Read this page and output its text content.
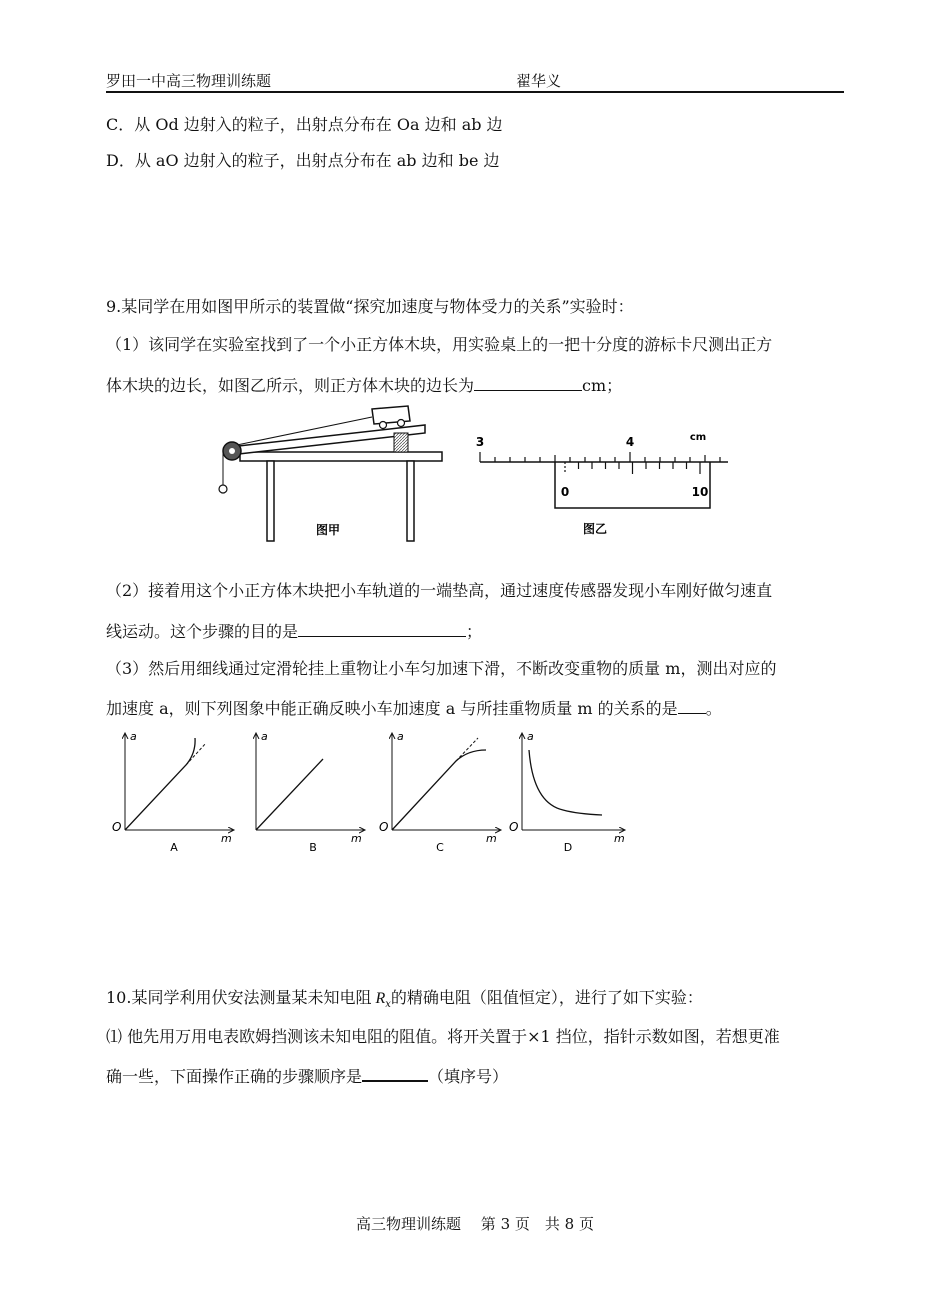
罗田一中高三物理训练题	翟华义
C．从 Od 边射入的粒子，出射点分布在 Oa 边和 ab 边
D．从 aO 边射入的粒子，出射点分布在 ab 边和 be 边
9.某同学在用如图甲所示的装置做“探究加速度与物体受力的关系”实验时：
（1）该同学在实验室找到了一个小正方体木块，用实验桌上的一把十分度的游标卡尺测出正方
体木块的边长，如图乙所示，则正方体木块的边长为	cm；
图甲
3	4	cm
0	10
图乙
（2）接着用这个小正方体木块把小车轨道的一端垫高，通过速度传感器发现小车刚好做匀速直
线运动。这个步骤的目的是	；
（3）然后用细线通过定滑轮挂上重物让小车匀加速下滑，不断改变重物的质量 m，测出对应的
加速度 a，则下列图象中能正确反映小车加速度 a 与所挂重物质量 m 的关系的是 。
a
m
O
A
a
m
B
a
m
O
C
a
m
O
D
10.某同学利用伏安法测量某未知电阻 $R_x$的精确电阻（阻值恒定），进行了如下实验：
⑴ 他先用万用电表欧姆挡测该未知电阻的阻值。将开关置于×1 挡位，指针示数如图，若想更准
确一些，下面操作正确的步骤顺序是	（填序号）
高三物理训练题　 第 3 页　共 8 页
